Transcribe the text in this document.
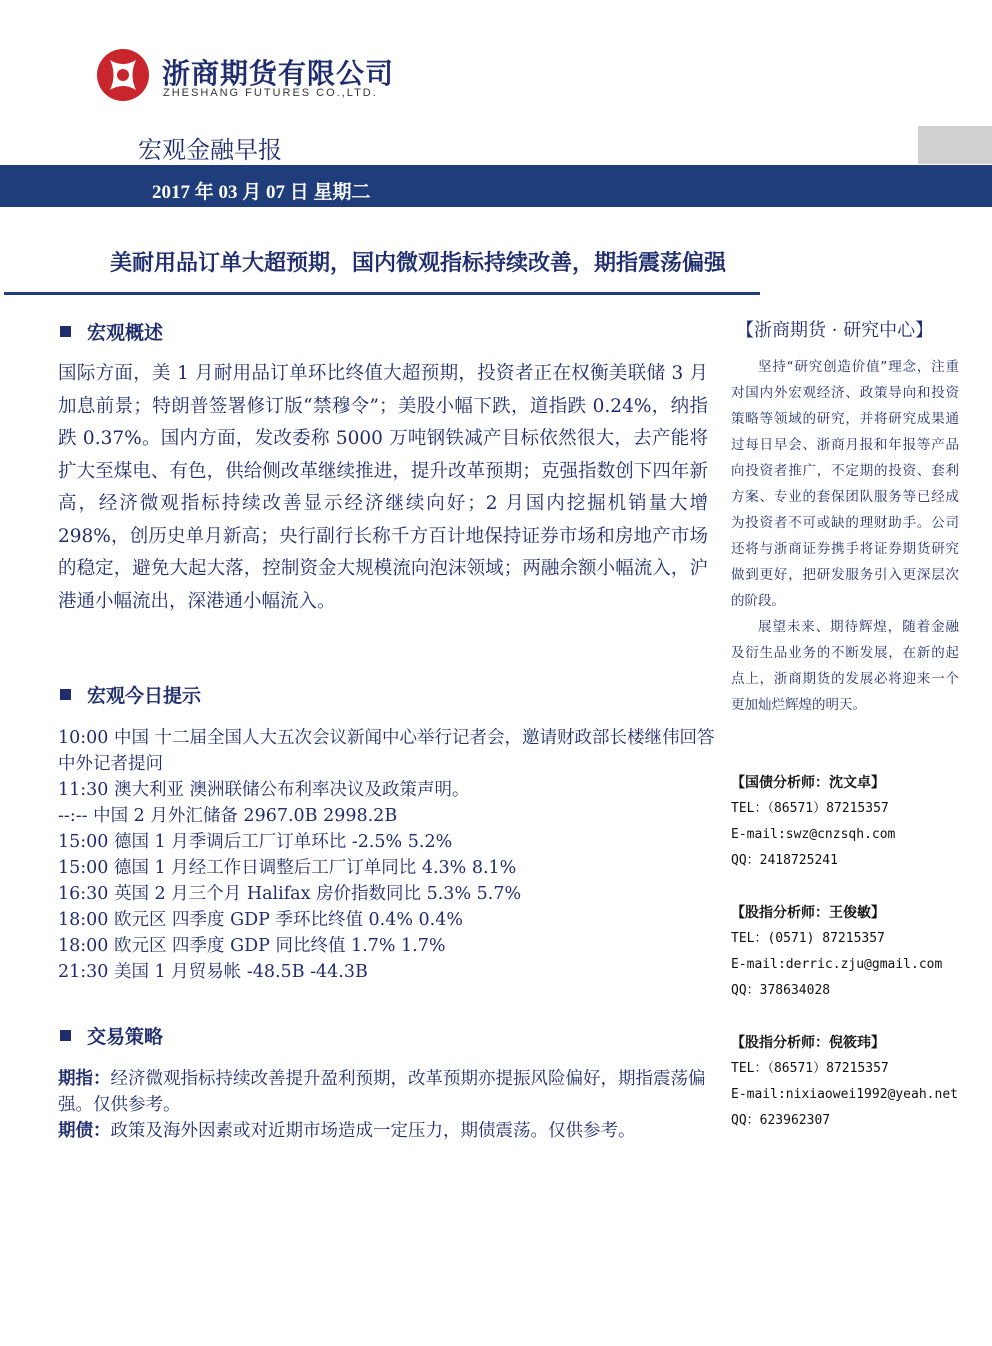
浙商期货有限公司
ZHESHANG FUTURES CO.,LTD.
宏观金融早报
2017 年 03 月 07 日 星期二
美耐用品订单大超预期，国内微观指标持续改善，期指震荡偏强
宏观概述
国际方面，美 1 月耐用品订单环比终值大超预期，投资者正在权衡美联储 3 月加息前景；特朗普签署修订版“禁穆令”；美股小幅下跌，道指跌 0.24%，纳指跌 0.37%。国内方面，发改委称 5000 万吨钢铁减产目标依然很大，去产能将扩大至煤电、有色，供给侧改革继续推进，提升改革预期；克强指数创下四年新高，经济微观指标持续改善显示经济继续向好；2 月国内挖掘机销量大增 298%，创历史单月新高；央行副行长称千方百计地保持证券市场和房地产市场的稳定，避免大起大落，控制资金大规模流向泡沫领域；两融余额小幅流入，沪港通小幅流出，深港通小幅流入。
宏观今日提示
10:00 中国 十二届全国人大五次会议新闻中心举行记者会，邀请财政部长楼继伟回答中外记者提问
11:30 澳大利亚 澳洲联储公布利率决议及政策声明。
--:-- 中国 2 月外汇储备 2967.0B 2998.2B
15:00 德国 1 月季调后工厂订单环比 -2.5% 5.2%
15:00 德国 1 月经工作日调整后工厂订单同比 4.3% 8.1%
16:30 英国 2 月三个月 Halifax 房价指数同比 5.3% 5.7%
18:00 欧元区 四季度 GDP 季环比终值 0.4% 0.4%
18:00 欧元区 四季度 GDP 同比终值 1.7% 1.7%
21:30 美国 1 月贸易帐 -48.5B -44.3B
交易策略
期指：经济微观指标持续改善提升盈利预期，改革预期亦提振风险偏好，期指震荡偏强。仅供参考。
期债：政策及海外因素或对近期市场造成一定压力，期债震荡。仅供参考。
【浙商期货 · 研究中心】
坚持“研究创造价值”理念，注重对国内外宏观经济、政策导向和投资策略等领域的研究，并将研究成果通过每日早会、浙商月报和年报等产品向投资者推广，不定期的投资、套利方案、专业的套保团队服务等已经成为投资者不可或缺的理财助手。公司还将与浙商证券携手将证券期货研究做到更好，把研发服务引入更深层次的阶段。
展望未来、期待辉煌，随着金融及衍生品业务的不断发展，在新的起点上，浙商期货的发展必将迎来一个更加灿烂辉煌的明天。
【国债分析师：沈文卓】
TEL：（86571）87215357
E-mail:swz@cnzsqh.com
QQ：2418725241
【股指分析师：王俊敏】
TEL：(0571) 87215357
E-mail:derric.zju@gmail.com
QQ：378634028
【股指分析师：倪筱玮】
TEL：（86571）87215357
E-mail:nixiaowei1992@yeah.net
QQ：623962307
